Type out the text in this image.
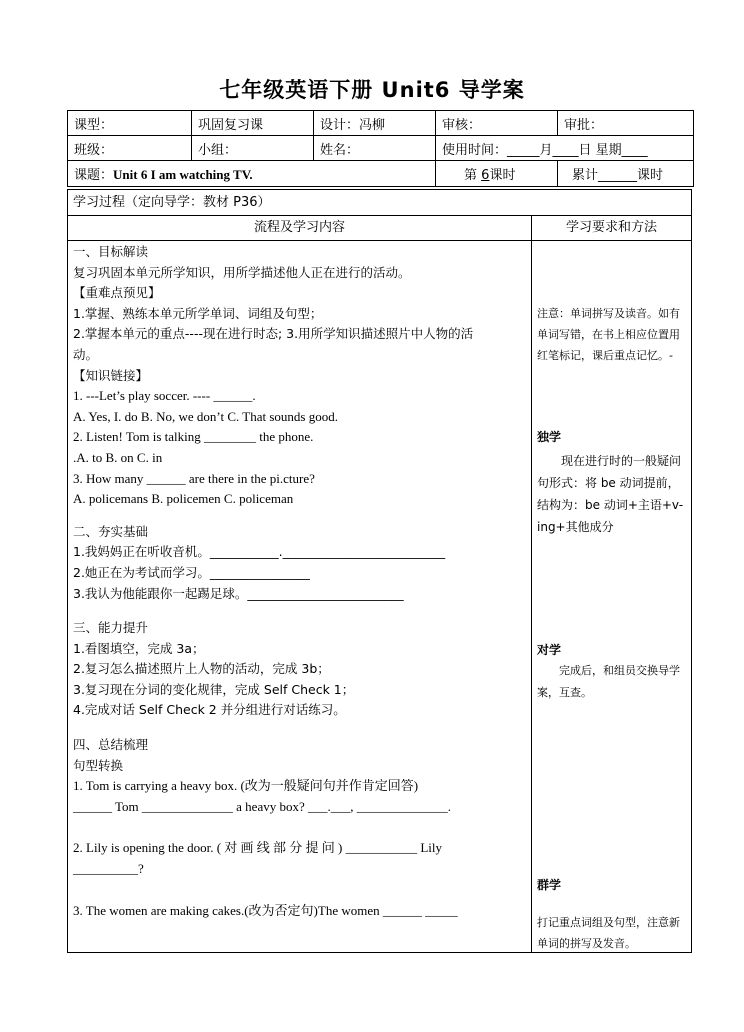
七年级英语下册 Unit6 导学案
课型：	巩固复习课	设计：冯柳	审核：	审批：
班级：	小组：	姓名：	使用时间：_____月____日 星期____	
课题：Unit 6 I am watching TV.			第 6课时	累计______课时
学习过程（定向导学：教材 P36）
流程及学习内容	学习要求和方法
一、目标解读
复习巩固本单元所学知识，用所学描述他人正在进行的活动。
【重难点预见】
1.掌握、熟练本单元所学单词、词组及句型；
2.掌握本单元的重点----现在进行时态; 3.用所学知识描述照片中人物的活
动。
【知识链接】
1. ---Let’s play soccer. ---- ______.
A. Yes, I. do B. No, we don’t C. That sounds good.
2. Listen! Tom is talking ________ the phone.
.A. to B. on C. in
3. How many ______ are there in the pi.cture?
A. policemans B. policemen C. policeman
二、夯实基础
1.我妈妈正在听收音机。___________.__________________________
2.她正在为考试而学习。________________
3.我认为他能跟你一起踢足球。_________________________
三、能力提升
1.看图填空，完成 3a；
2.复习怎么描述照片上人物的活动，完成 3b；
3.复习现在分词的变化规律，完成 Self Check 1；
4.完成对话 Self Check 2 并分组进行对话练习。
四、总结梳理
句型转换
1. Tom is carrying a heavy box. (改为一般疑问句并作肯定回答)
______ Tom ______________ a heavy box? ___.___, ______________.
2. Lily is opening the door. ( 对 画 线 部 分 提 问 ) ___________ Lily
__________?
3. The women are making cakes.(改为否定句)The women ______ _____
注意：单词拼写及读音。如有单词写错，在书上相应位置用红笔标记，课后重点记忆。-
独学
现在进行时的一般疑问句形式：将 be 动词提前，结构为：be 动词+主语+v-ing+其他成分
对学
完成后，和组员交换导学案，互查。
群学
打记重点词组及句型，注意新单词的拼写及发音。
